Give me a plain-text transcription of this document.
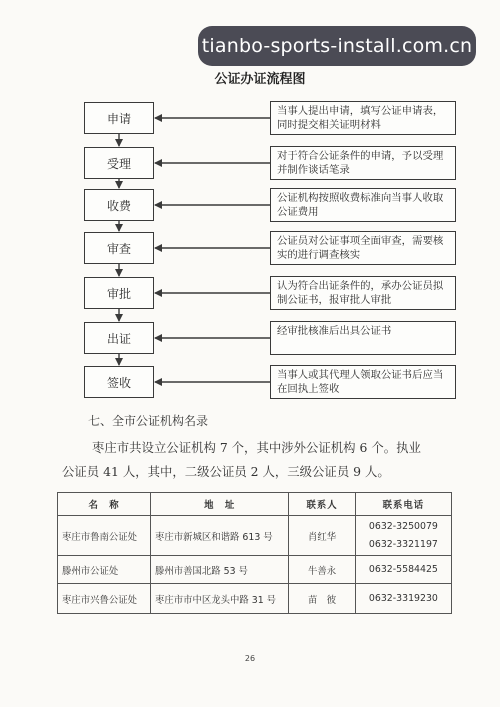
tianbo-sports-install.com.cn
公证办证流程图
申请
当事人提出申请，填写公证申请表，同时提交相关证明材料
受理
对于符合公证条件的申请，予以受理并制作谈话笔录
收费
公证机构按照收费标准向当事人收取公证费用
审查
公证员对公证事项全面审查，需要核实的进行调查核实
审批
认为符合出证条件的，承办公证员拟制公证书，报审批人审批
出证
经审批核准后出具公证书
签收
当事人或其代理人领取公证书后应当在回执上签收
七、全市公证机构名录
枣庄市共设立公证机构 7 个，其中涉外公证机构 6 个。执业
公证员 41 人，其中，二级公证员 2 人，三级公证员 9 人。
名　称	地　址	联系人	联系电话
枣庄市鲁南公证处	枣庄市新城区和谐路 613 号	肖红华	0632-3250079
0632-3321197

滕州市公证处	滕州市善国北路 53 号	牛善永	0632-5584425

枣庄市兴鲁公证处	枣庄市市中区龙头中路 31 号	苗　彼	0632-3319230
26
